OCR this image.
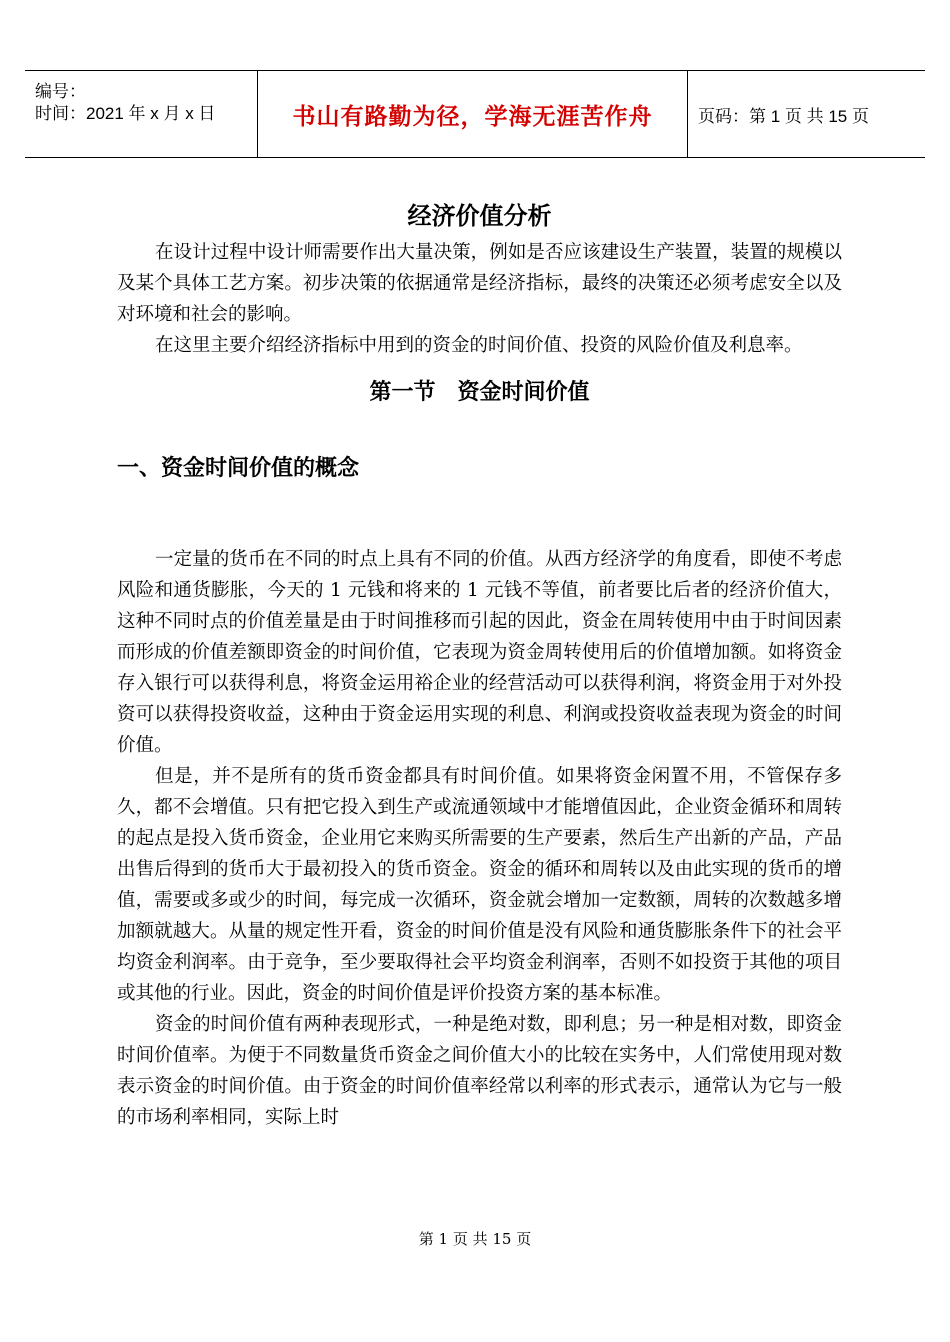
编号：
时间：2021 年 x 月 x 日	书山有路勤为径，学海无涯苦作舟	页码：第 1 页 共 15 页
经济价值分析

在设计过程中设计师需要作出大量决策，例如是否应该建设生产装置，装置的规模以及某个具体工艺方案。初步决策的依据通常是经济指标，最终的决策还必须考虑安全以及对环境和社会的影响。

在这里主要介绍经济指标中用到的资金的时间价值、投资的风险价值及利息率。

第一节　资金时间价值
一、资金时间价值的概念

一定量的货币在不同的时点上具有不同的价值。从西方经济学的角度看，即使不考虑风险和通货膨胀，今天的 1 元钱和将来的 1 元钱不等值，前者要比后者的经济价值大，这种不同时点的价值差量是由于时间推移而引起的因此，资金在周转使用中由于时间因素而形成的价值差额即资金的时间价值，它表现为资金周转使用后的价值增加额。如将资金存入银行可以获得利息，将资金运用裕企业的经营活动可以获得利润，将资金用于对外投资可以获得投资收益，这种由于资金运用实现的利息、利润或投资收益表现为资金的时间价值。

但是，并不是所有的货币资金都具有时间价值。如果将资金闲置不用，不管保存多久，都不会增值。只有把它投入到生产或流通领域中才能增值因此，企业资金循环和周转的起点是投入货币资金，企业用它来购买所需要的生产要素，然后生产出新的产品，产品出售后得到的货币大于最初投入的货币资金。资金的循环和周转以及由此实现的货币的增值，需要或多或少的时间，每完成一次循环，资金就会增加一定数额，周转的次数越多增加额就越大。从量的规定性开看，资金的时间价值是没有风险和通货膨胀条件下的社会平均资金利润率。由于竞争，至少要取得社会平均资金利润率，否则不如投资于其他的项目或其他的行业。因此，资金的时间价值是评价投资方案的基本标准。

资金的时间价值有两种表现形式，一种是绝对数，即利息；另一种是相对数，即资金时间价值率。为便于不同数量货币资金之间价值大小的比较在实务中，人们常使用现对数表示资金的时间价值。由于资金的时间价值率经常以利率的形式表示，通常认为它与一般的市场利率相同，实际上时

第 1 页 共 15 页
